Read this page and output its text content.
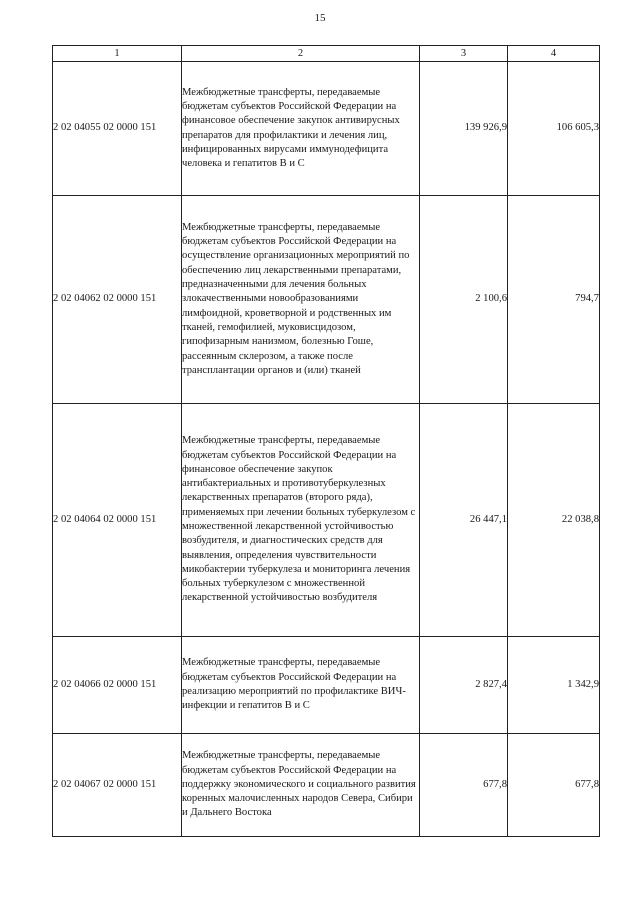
15
1	2	3	4
2 02 04055 02 0000 151	Межбюджетные трансферты, передаваемые бюджетам субъектов Российской Федерации на финансовое обеспечение закупок антивирусных препаратов для профилактики и лечения лиц, инфицированных вирусами иммунодефицита человека и гепатитов В и С	139 926,9	106 605,3
2 02 04062 02 0000 151	Межбюджетные трансферты, передаваемые бюджетам субъектов Российской Федерации на осуществление организационных мероприятий по обеспечению лиц лекарственными препаратами, предназначенными для лечения больных злокачественными новообразованиями лимфоидной, кроветворной и родственных им тканей, гемофилией, муковисцидозом, гипофизарным нанизмом, болезнью Гоше, рассеянным склерозом, а также после трансплантации органов и (или) тканей	2 100,6	794,7
2 02 04064 02 0000 151	Межбюджетные трансферты, передаваемые бюджетам субъектов Российской Федерации на финансовое обеспечение закупок антибактериальных и противотуберкулезных лекарственных препаратов (второго ряда), применяемых при лечении больных туберкулезом с множественной лекарственной устойчивостью возбудителя, и диагностических средств для выявления, определения чувствительности микобактерии туберкулеза и мониторинга лечения больных туберкулезом с множественной лекарственной устойчивостью возбудителя	26 447,1	22 038,8
2 02 04066 02 0000 151	Межбюджетные трансферты, передаваемые бюджетам субъектов Российской Федерации на реализацию мероприятий по профилактике ВИЧ-инфекции и гепатитов В и С	2 827,4	1 342,9
2 02 04067 02 0000 151	Межбюджетные трансферты, передаваемые бюджетам субъектов Российской Федерации на поддержку экономического и социального развития коренных малочисленных народов Севера, Сибири и Дальнего Востока	677,8	677,8
